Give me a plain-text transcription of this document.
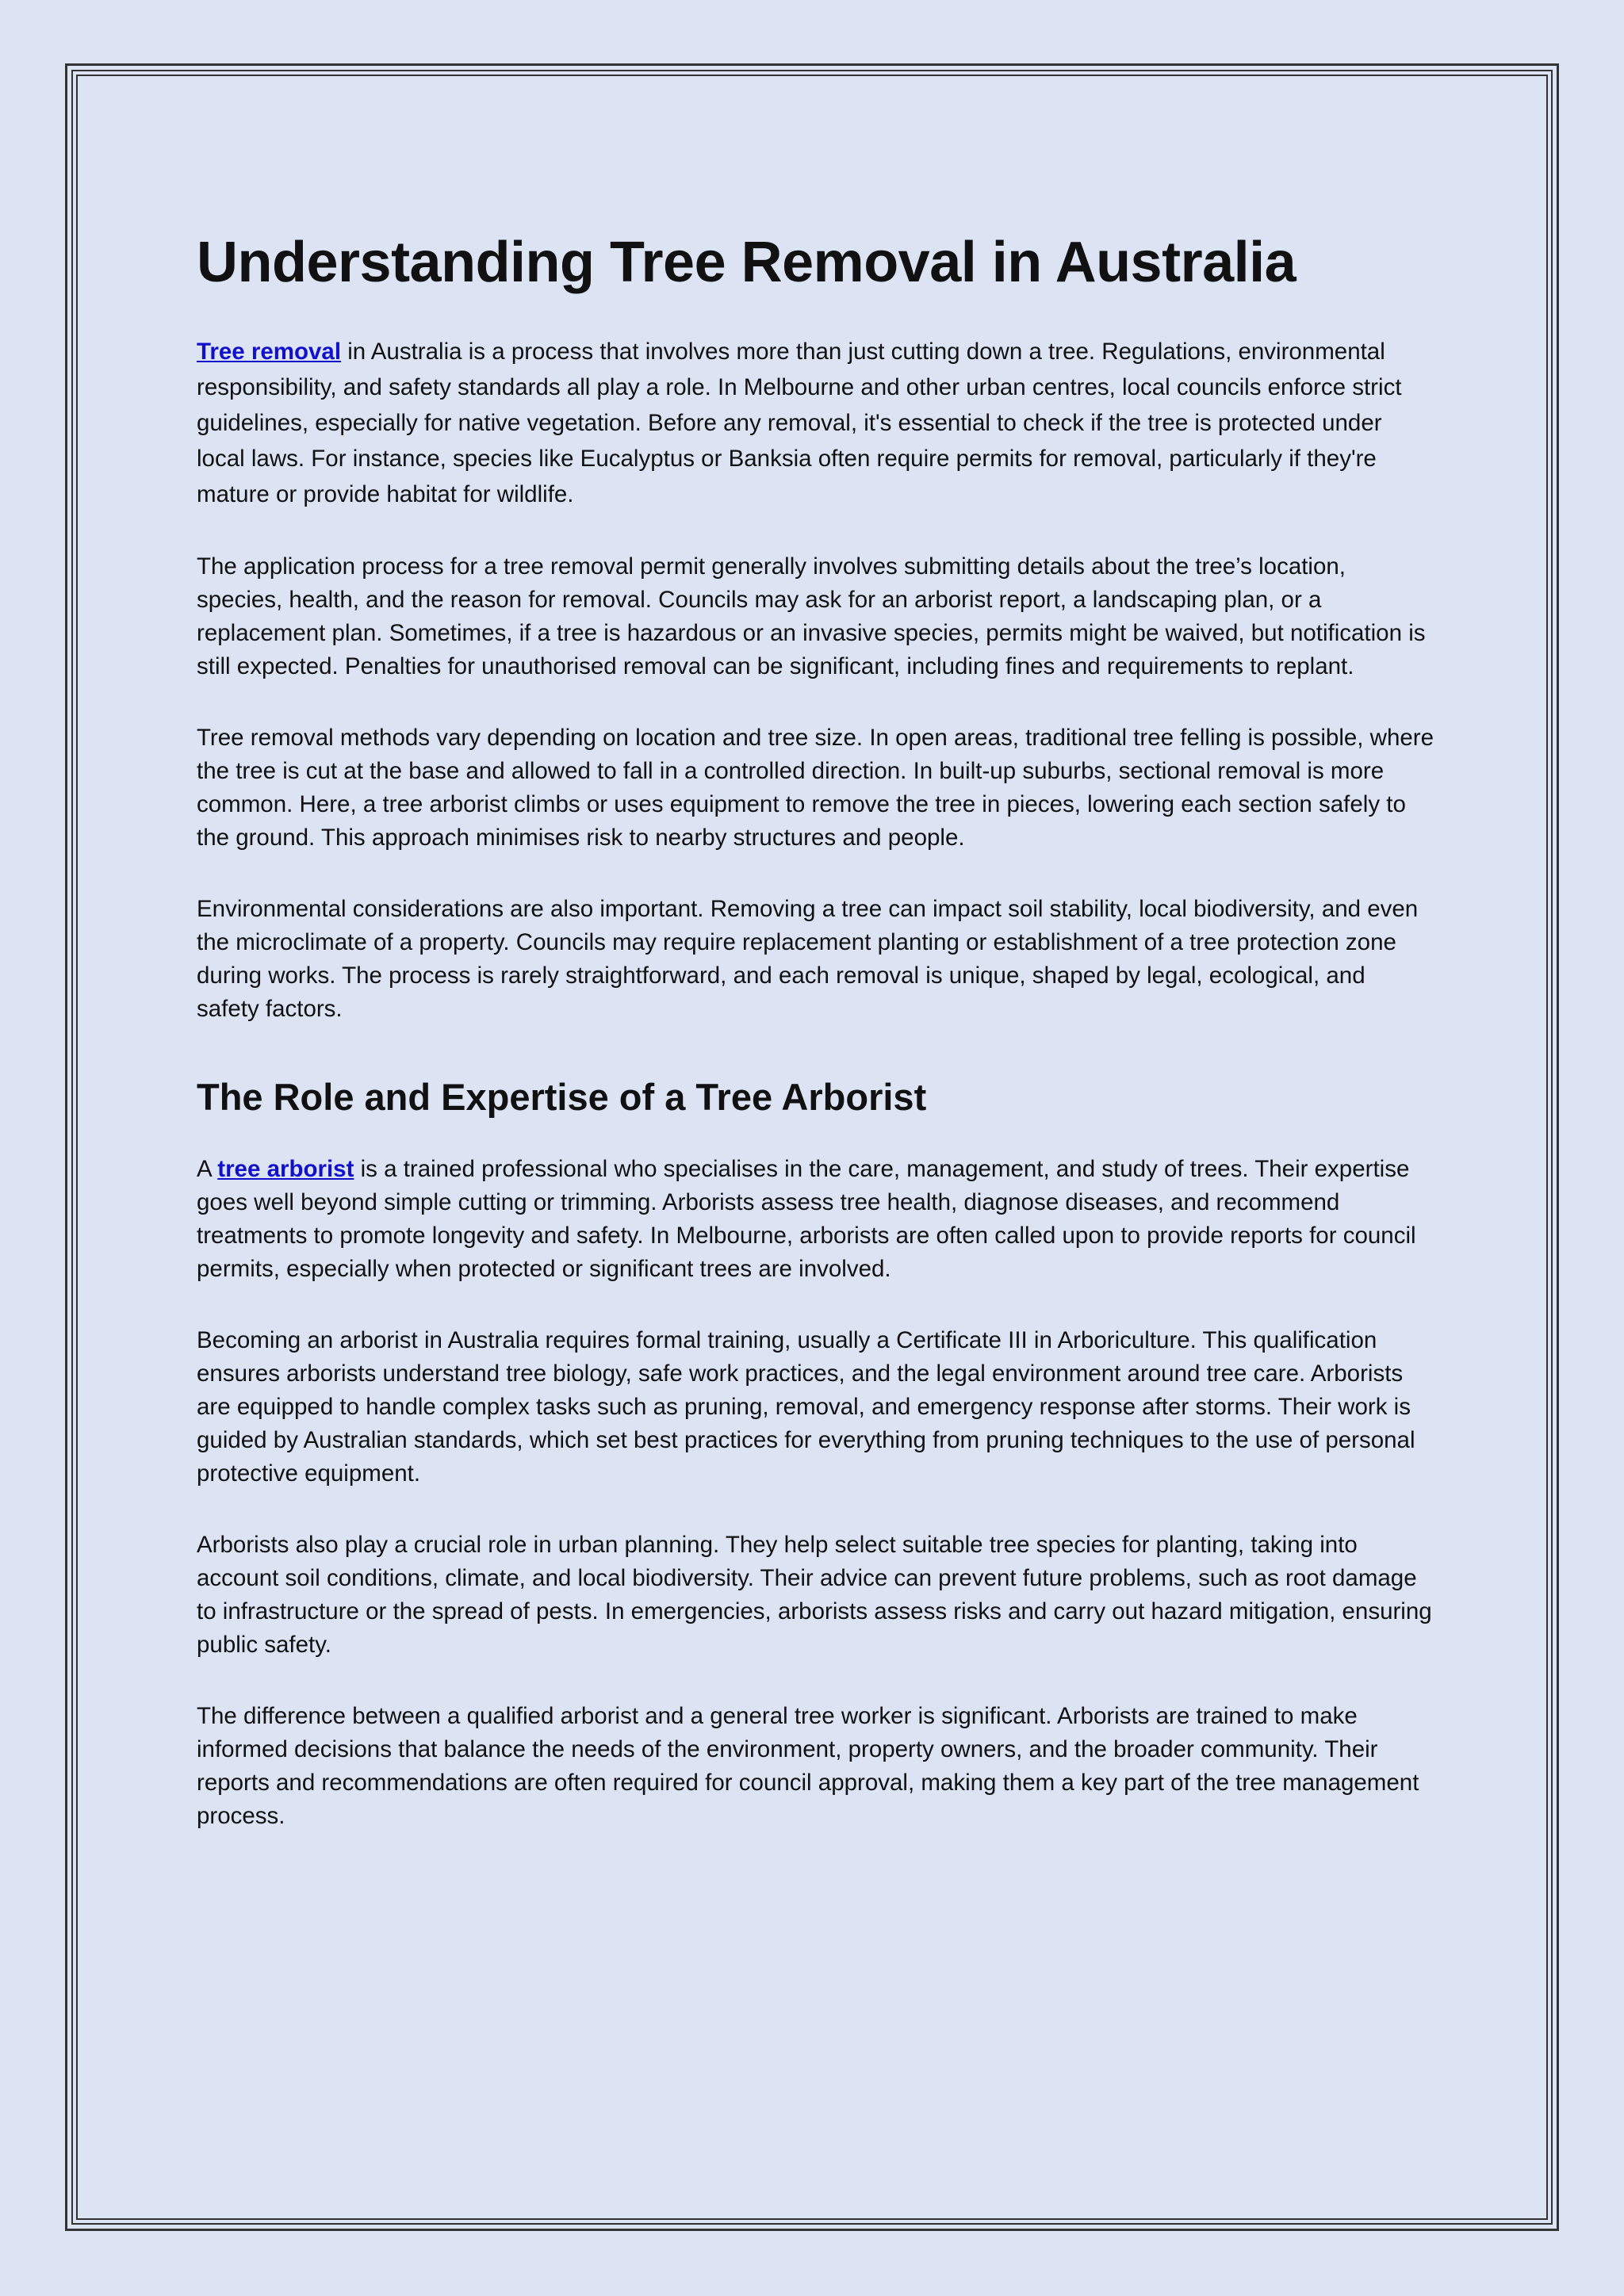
Understanding Tree Removal in Australia

Tree removal in Australia is a process that involves more than just cutting down a tree. Regulations, environmental responsibility, and safety standards all play a role. In Melbourne and other urban centres, local councils enforce strict guidelines, especially for native vegetation. Before any removal, it's essential to check if the tree is protected under local laws. For instance, species like Eucalyptus or Banksia often require permits for removal, particularly if they're mature or provide habitat for wildlife.

The application process for a tree removal permit generally involves submitting details about the tree’s location, species, health, and the reason for removal. Councils may ask for an arborist report, a landscaping plan, or a replacement plan. Sometimes, if a tree is hazardous or an invasive species, permits might be waived, but notification is still expected. Penalties for unauthorised removal can be significant, including fines and requirements to replant.

Tree removal methods vary depending on location and tree size. In open areas, traditional tree felling is possible, where the tree is cut at the base and allowed to fall in a controlled direction. In built-up suburbs, sectional removal is more common. Here, a tree arborist climbs or uses equipment to remove the tree in pieces, lowering each section safely to the ground. This approach minimises risk to nearby structures and people.

Environmental considerations are also important. Removing a tree can impact soil stability, local biodiversity, and even the microclimate of a property. Councils may require replacement planting or establishment of a tree protection zone during works. The process is rarely straightforward, and each removal is unique, shaped by legal, ecological, and safety factors.

The Role and Expertise of a Tree Arborist

A tree arborist is a trained professional who specialises in the care, management, and study of trees. Their expertise goes well beyond simple cutting or trimming. Arborists assess tree health, diagnose diseases, and recommend treatments to promote longevity and safety. In Melbourne, arborists are often called upon to provide reports for council permits, especially when protected or significant trees are involved.

Becoming an arborist in Australia requires formal training, usually a Certificate III in Arboriculture. This qualification ensures arborists understand tree biology, safe work practices, and the legal environment around tree care. Arborists are equipped to handle complex tasks such as pruning, removal, and emergency response after storms. Their work is guided by Australian standards, which set best practices for everything from pruning techniques to the use of personal protective equipment.

Arborists also play a crucial role in urban planning. They help select suitable tree species for planting, taking into account soil conditions, climate, and local biodiversity. Their advice can prevent future problems, such as root damage to infrastructure or the spread of pests. In emergencies, arborists assess risks and carry out hazard mitigation, ensuring public safety.

The difference between a qualified arborist and a general tree worker is significant. Arborists are trained to make informed decisions that balance the needs of the environment, property owners, and the broader community. Their reports and recommendations are often required for council approval, making them a key part of the tree management process.
